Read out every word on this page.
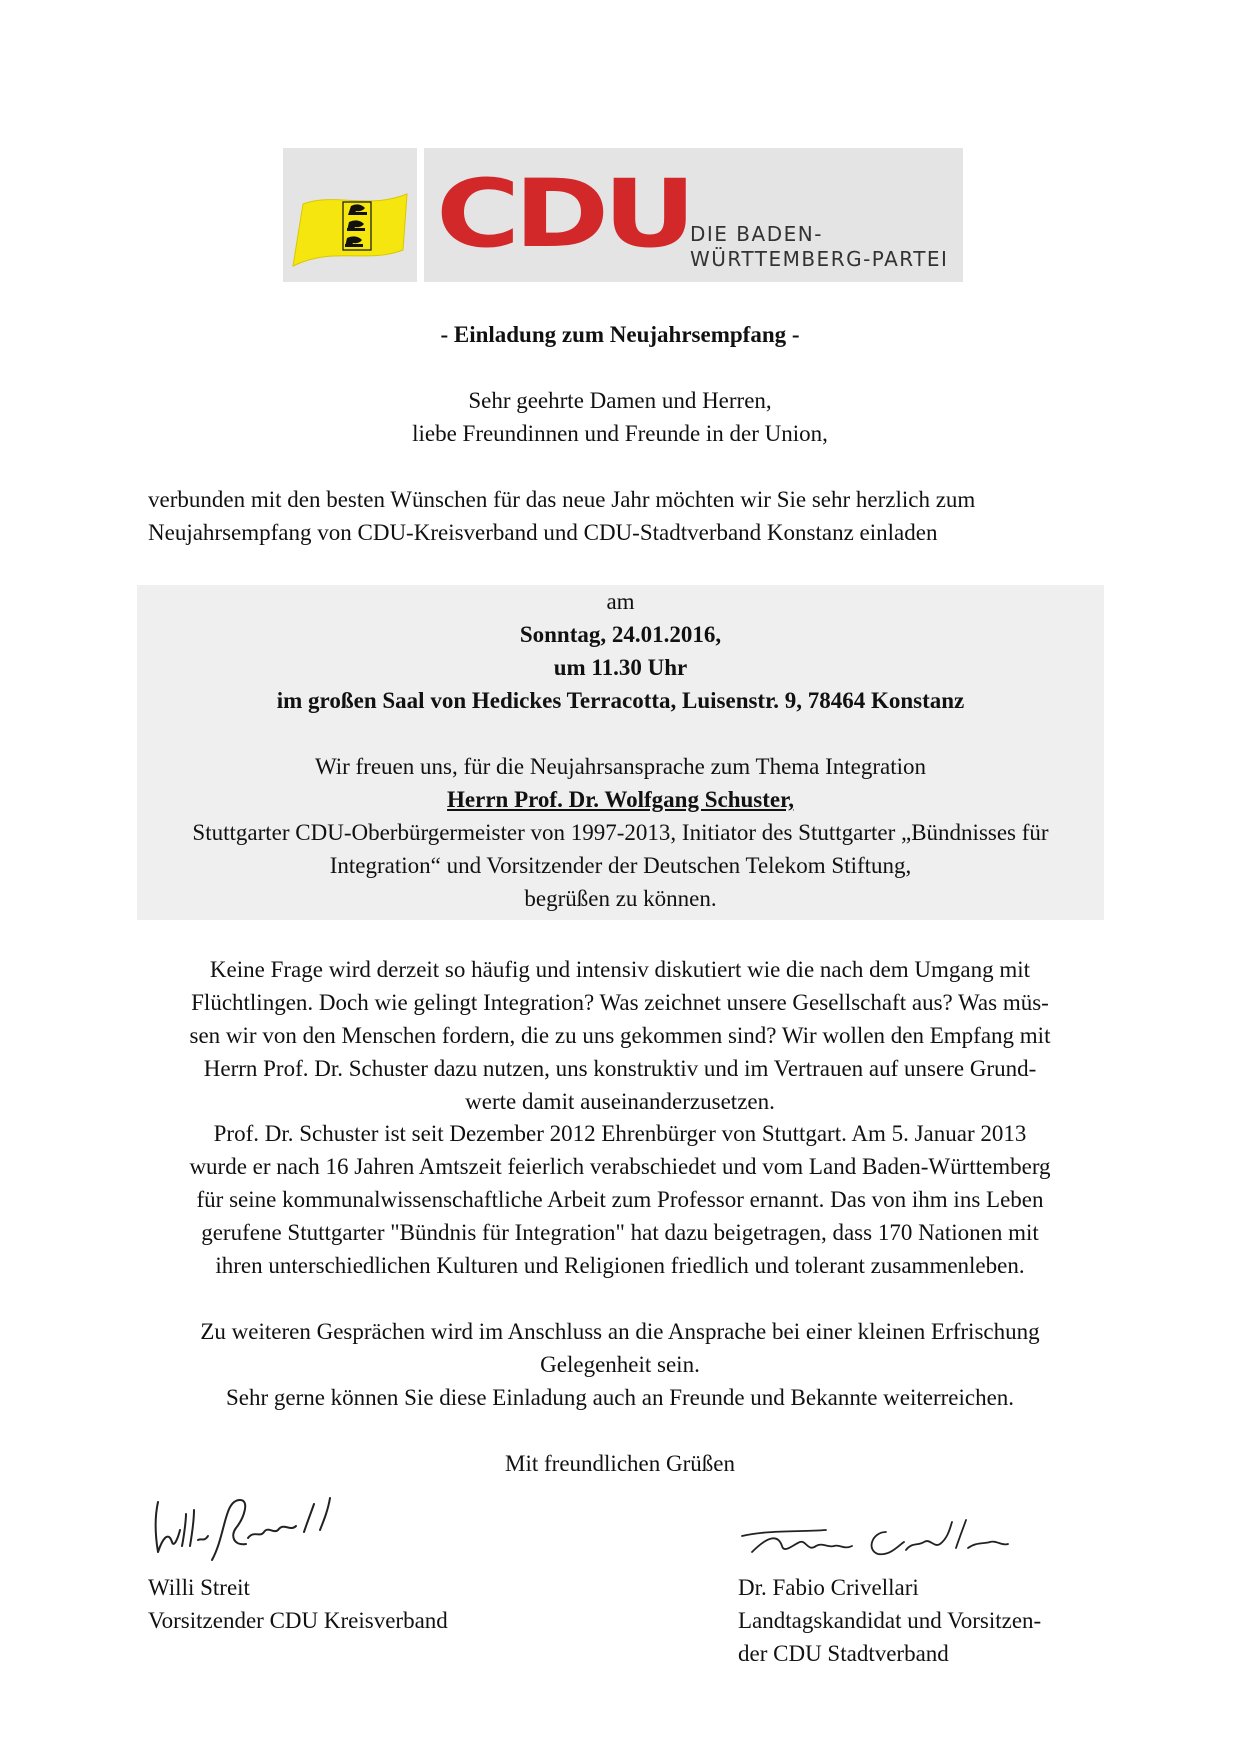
CDU DIE BADEN-
WÜRTTEMBERG-PARTEI
- Einladung zum Neujahrsempfang -
Sehr geehrte Damen und Herren,
liebe Freundinnen und Freunde in der Union,
verbunden mit den besten Wünschen für das neue Jahr möchten wir Sie sehr herzlich zum
Neujahrsempfang von CDU-Kreisverband und CDU-Stadtverband Konstanz einladen
am
Sonntag, 24.01.2016,
um 11.30 Uhr
im großen Saal von Hedickes Terracotta, Luisenstr. 9, 78464 Konstanz
Wir freuen uns, für die Neujahrsansprache zum Thema Integration
Herrn Prof. Dr. Wolfgang Schuster,
Stuttgarter CDU-Oberbürgermeister von 1997-2013, Initiator des Stuttgarter „Bündnisses für
Integration“ und Vorsitzender der Deutschen Telekom Stiftung,
begrüßen zu können.
Keine Frage wird derzeit so häufig und intensiv diskutiert wie die nach dem Umgang mit
Flüchtlingen. Doch wie gelingt Integration? Was zeichnet unsere Gesellschaft aus? Was müs-
sen wir von den Menschen fordern, die zu uns gekommen sind? Wir wollen den Empfang mit
Herrn Prof. Dr. Schuster dazu nutzen, uns konstruktiv und im Vertrauen auf unsere Grund-
werte damit auseinanderzusetzen.
Prof. Dr. Schuster ist seit Dezember 2012 Ehrenbürger von Stuttgart. Am 5. Januar 2013
wurde er nach 16 Jahren Amtszeit feierlich verabschiedet und vom Land Baden-Württemberg
für seine kommunalwissenschaftliche Arbeit zum Professor ernannt. Das von ihm ins Leben
gerufene Stuttgarter "Bündnis für Integration" hat dazu beigetragen, dass 170 Nationen mit
ihren unterschiedlichen Kulturen und Religionen friedlich und tolerant zusammenleben.
Zu weiteren Gesprächen wird im Anschluss an die Ansprache bei einer kleinen Erfrischung
Gelegenheit sein.
Sehr gerne können Sie diese Einladung auch an Freunde und Bekannte weiterreichen.
Mit freundlichen Grüßen
Willi Streit
Vorsitzender CDU Kreisverband
Dr. Fabio Crivellari
Landtagskandidat und Vorsitzen-
der CDU Stadtverband
